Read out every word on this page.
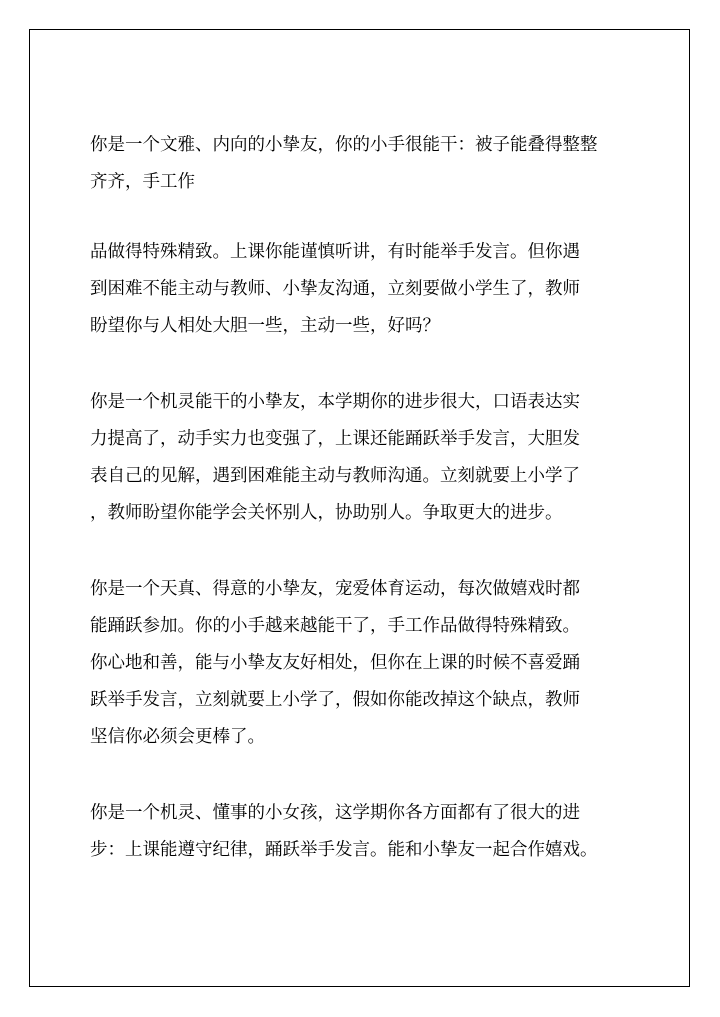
你是一个文雅、内向的小挚友，你的小手很能干：被子能叠得整整
齐齐，手工作
品做得特殊精致。上课你能谨慎听讲，有时能举手发言。但你遇
到困难不能主动与教师、小挚友沟通，立刻要做小学生了，教师
盼望你与人相处大胆一些，主动一些，好吗？
你是一个机灵能干的小挚友，本学期你的进步很大，口语表达实
力提高了，动手实力也变强了，上课还能踊跃举手发言，大胆发
表自己的见解，遇到困难能主动与教师沟通。立刻就要上小学了
，教师盼望你能学会关怀别人，协助别人。争取更大的进步。
你是一个天真、得意的小挚友，宠爱体育运动，每次做嬉戏时都
能踊跃参加。你的小手越来越能干了，手工作品做得特殊精致。
你心地和善，能与小挚友友好相处，但你在上课的时候不喜爱踊
跃举手发言，立刻就要上小学了，假如你能改掉这个缺点，教师
坚信你必须会更棒了。
你是一个机灵、懂事的小女孩，这学期你各方面都有了很大的进
步：上课能遵守纪律，踊跃举手发言。能和小挚友一起合作嬉戏。
